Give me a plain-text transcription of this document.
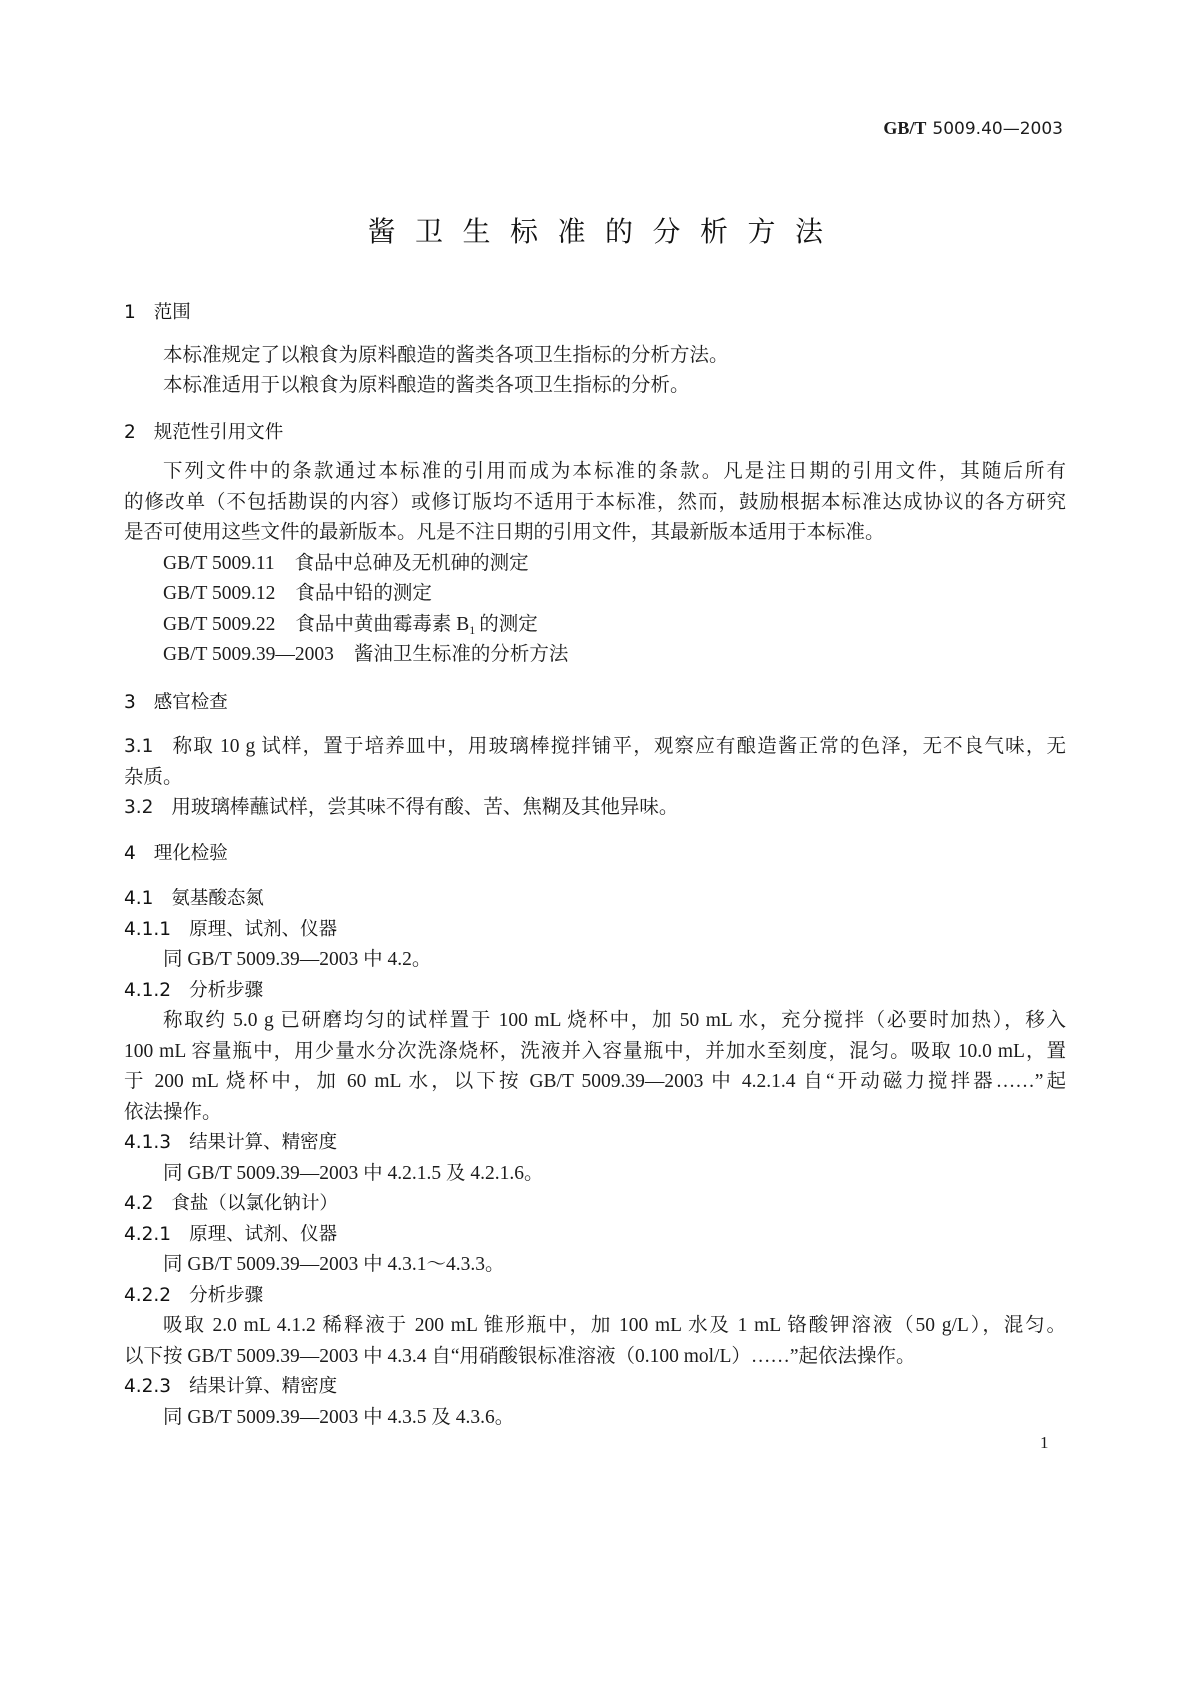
GB/T 5009.40—2003
酱卫生标准的分析方法
1 范围
本标准规定了以粮食为原料酿造的酱类各项卫生指标的分析方法。
本标准适用于以粮食为原料酿造的酱类各项卫生指标的分析。
2 规范性引用文件
下列文件中的条款通过本标准的引用而成为本标准的条款。凡是注日期的引用文件，其随后所有
的修改单（不包括勘误的内容）或修订版均不适用于本标准，然而，鼓励根据本标准达成协议的各方研究
是否可使用这些文件的最新版本。凡是不注日期的引用文件，其最新版本适用于本标准。
GB/T 5009.11 食品中总砷及无机砷的测定
GB/T 5009.12 食品中铅的测定
GB/T 5009.22 食品中黄曲霉毒素 $B_1$ 的测定
GB/T 5009.39—2003 酱油卫生标准的分析方法
3 感官检查
3.1 称取 10 g 试样，置于培养皿中，用玻璃棒搅拌铺平，观察应有酿造酱正常的色泽，无不良气味，无
杂质。
3.2 用玻璃棒蘸试样，尝其味不得有酸、苦、焦糊及其他异味。
4 理化检验
4.1 氨基酸态氮
4.1.1 原理、试剂、仪器
同 GB/T 5009.39—2003 中 4.2。
4.1.2 分析步骤
称取约 5.0 g 已研磨均匀的试样置于 100 mL 烧杯中，加 50 mL 水，充分搅拌（必要时加热），移入
100 mL 容量瓶中，用少量水分次洗涤烧杯，洗液并入容量瓶中，并加水至刻度，混匀。吸取 10.0 mL，置
于 200 mL 烧杯中，加 60 mL 水，以下按 GB/T 5009.39—2003 中 4.2.1.4 自“开动磁力搅拌器……”起
依法操作。
4.1.3 结果计算、精密度
同 GB/T 5009.39—2003 中 4.2.1.5 及 4.2.1.6。
4.2 食盐（以氯化钠计）
4.2.1 原理、试剂、仪器
同 GB/T 5009.39—2003 中 4.3.1～4.3.3。
4.2.2 分析步骤
吸取 2.0 mL 4.1.2 稀释液于 200 mL 锥形瓶中，加 100 mL 水及 1 mL 铬酸钾溶液（50 g/L），混匀。
以下按 GB/T 5009.39—2003 中 4.3.4 自“用硝酸银标准溶液（0.100 mol/L）……”起依法操作。
4.2.3 结果计算、精密度
同 GB/T 5009.39—2003 中 4.3.5 及 4.3.6。
1
